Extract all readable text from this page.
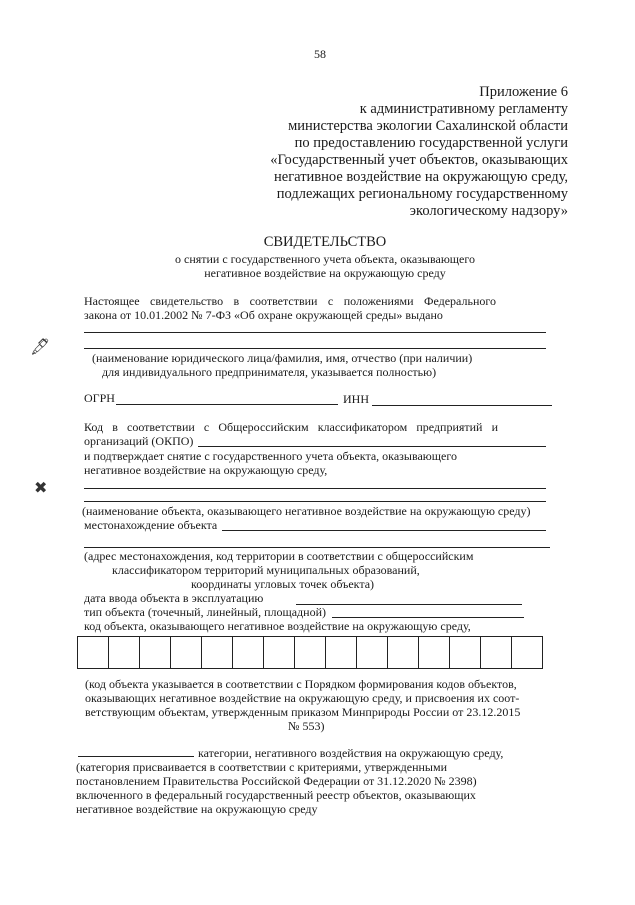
58
Приложение 6
к административному регламенту
министерства экологии Сахалинской области
по предоставлению государственной услуги
«Государственный учет объектов, оказывающих
негативное воздействие на окружающую среду,
подлежащих региональному государственному
экологическому надзору»
СВИДЕТЕЛЬСТВО
о снятии с государственного учета объекта, оказывающего
негативное воздействие на окружающую среду
Настоящее свидетельство в соответствии с положениями Федерального
закона от 10.01.2002 № 7-ФЗ «Об охране окружающей среды» выдано
(наименование юридического лица/фамилия, имя, отчество (при наличии)
для индивидуального предпринимателя, указывается полностью)
ОГРН	ИНН
Код в соответствии с Общероссийским классификатором предприятий и
организаций (ОКПО)
и подтверждает снятие с государственного учета объекта, оказывающего
негативное воздействие на окружающую среду,
(наименование объекта, оказывающего негативное воздействие на окружающую среду)
местонахождение объекта
(адрес местонахождения, код территории в соответствии с общероссийским
классификатором территорий муниципальных образований,
координаты угловых точек объекта)
дата ввода объекта в эксплуатацию
тип объекта (точечный, линейный, площадной)
код объекта, оказывающего негативное воздействие на окружающую среду,
(код объекта указывается в соответствии с Порядком формирования кодов объектов,
оказывающих негативное воздействие на окружающую среду, и присвоения их соот-
ветствующим объектам, утвержденным приказом Минприроды России от 23.12.2015
№ 553)
категории, негативного воздействия на окружающую среду,
(категория присваивается в соответствии с критериями, утвержденными
постановлением Правительства Российской Федерации от 31.12.2020 № 2398)
включенного в федеральный государственный реестр объектов, оказывающих
негативное воздействие на окружающую среду
🖋︎
✖
